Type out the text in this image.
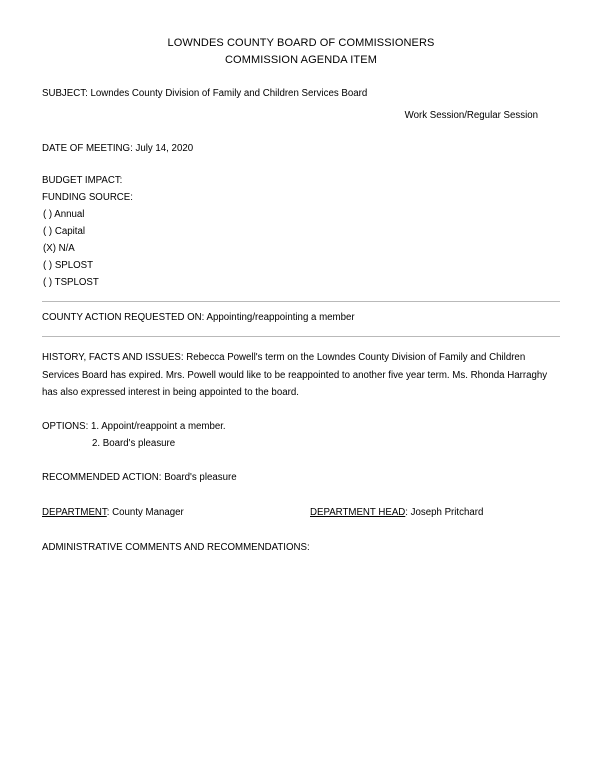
LOWNDES COUNTY BOARD OF COMMISSIONERS
COMMISSION AGENDA ITEM
SUBJECT: Lowndes County Division of Family and Children Services Board
Work Session/Regular Session
DATE OF MEETING: July 14, 2020
BUDGET IMPACT:
FUNDING SOURCE:
( ) Annual
( ) Capital
(X) N/A
( ) SPLOST
( ) TSPLOST
COUNTY ACTION REQUESTED ON: Appointing/reappointing a member
HISTORY, FACTS AND ISSUES: Rebecca Powell's term on the Lowndes County Division of Family and Children Services Board has expired. Mrs. Powell would like to be reappointed to another five year term. Ms. Rhonda Harraghy has also expressed interest in being appointed to the board.
OPTIONS: 1. Appoint/reappoint a member.
2. Board's pleasure
RECOMMENDED ACTION: Board's pleasure
DEPARTMENT: County Manager	DEPARTMENT HEAD: Joseph Pritchard
ADMINISTRATIVE COMMENTS AND RECOMMENDATIONS:
